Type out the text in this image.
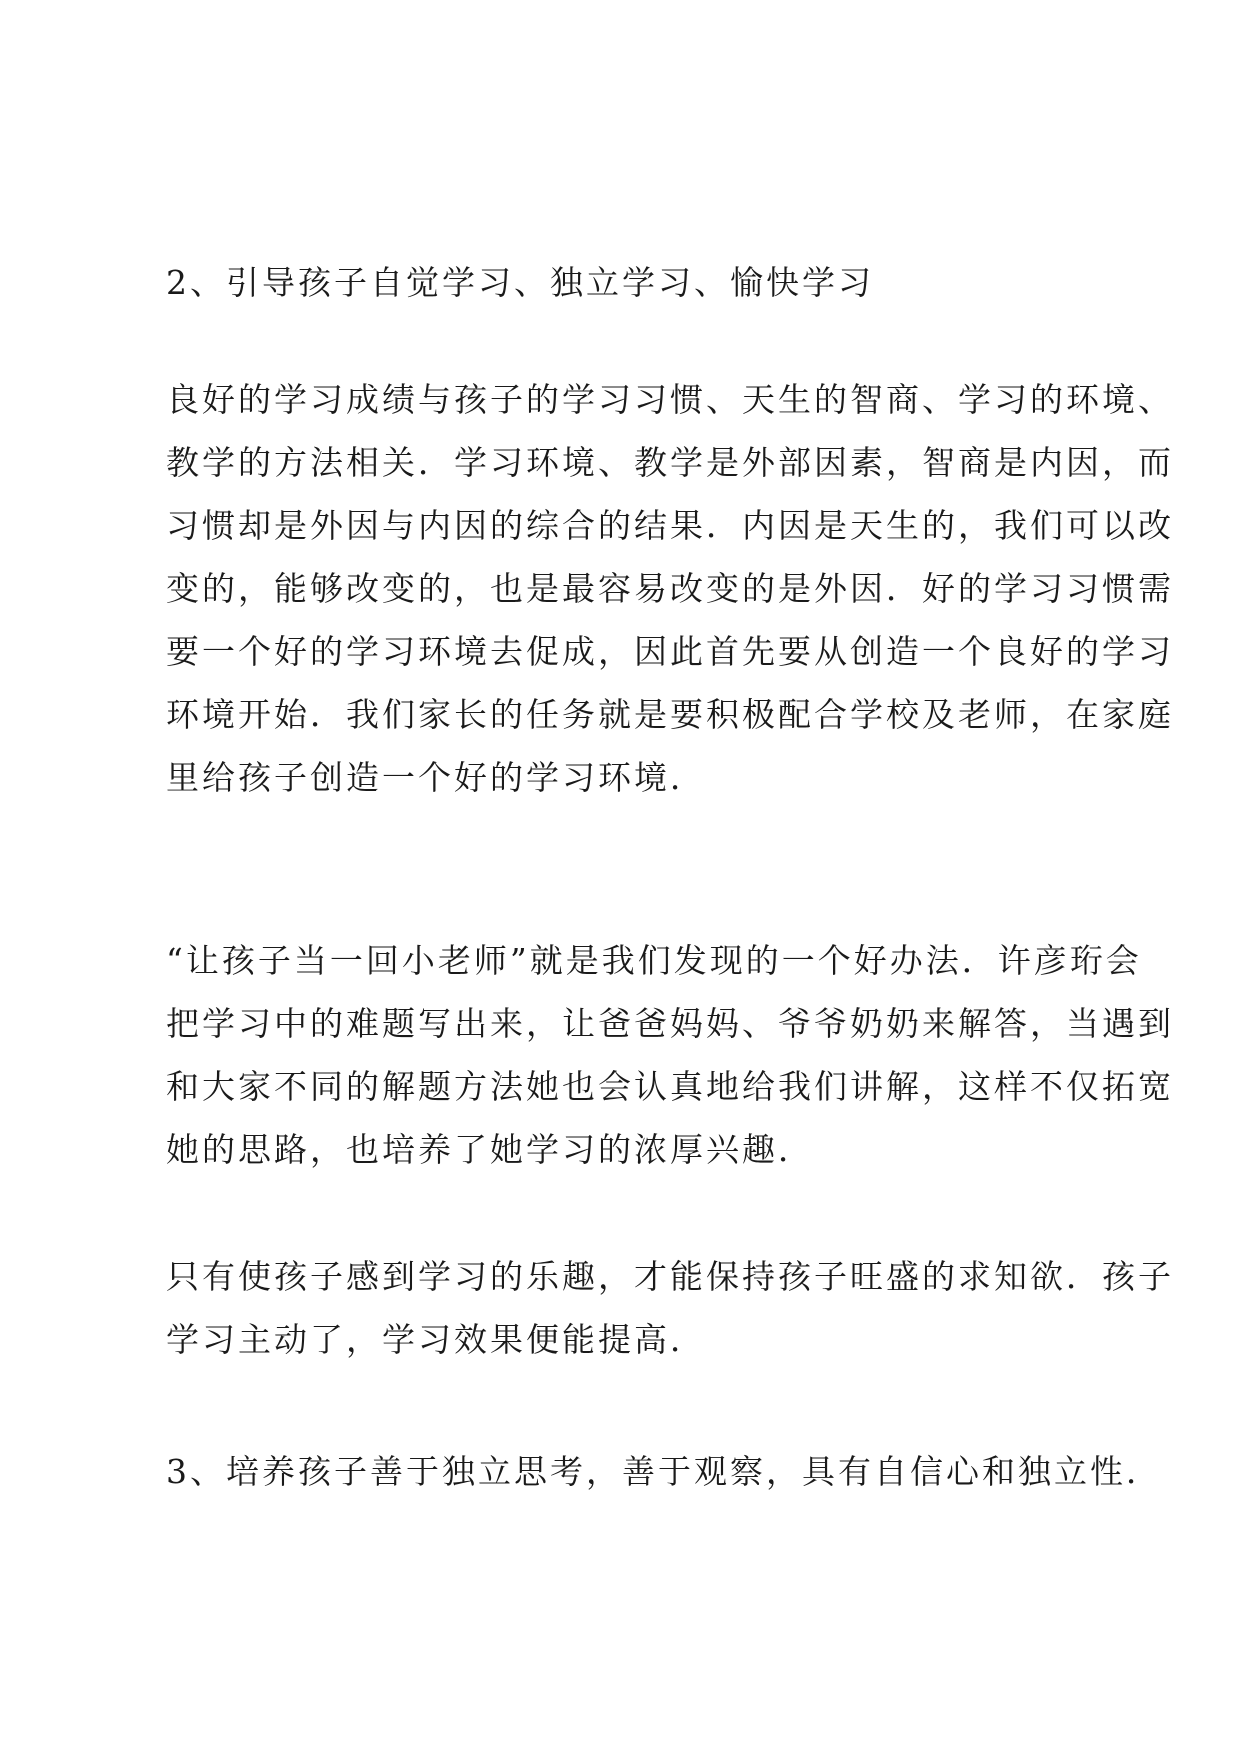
2、引导孩子自觉学习、独立学习、愉快学习
良好的学习成绩与孩子的学习习惯、天生的智商、学习的环境、
教学的方法相关．学习环境、教学是外部因素，智商是内因，而
习惯却是外因与内因的综合的结果．内因是天生的，我们可以改
变的，能够改变的，也是最容易改变的是外因．好的学习习惯需
要一个好的学习环境去促成，因此首先要从创造一个良好的学习
环境开始．我们家长的任务就是要积极配合学校及老师，在家庭
里给孩子创造一个好的学习环境．
“让孩子当一回小老师”就是我们发现的一个好办法．许彦珩会
把学习中的难题写出来，让爸爸妈妈、爷爷奶奶来解答，当遇到
和大家不同的解题方法她也会认真地给我们讲解，这样不仅拓宽
她的思路，也培养了她学习的浓厚兴趣．
只有使孩子感到学习的乐趣，才能保持孩子旺盛的求知欲．孩子
学习主动了，学习效果便能提高．
3、培养孩子善于独立思考，善于观察，具有自信心和独立性．
